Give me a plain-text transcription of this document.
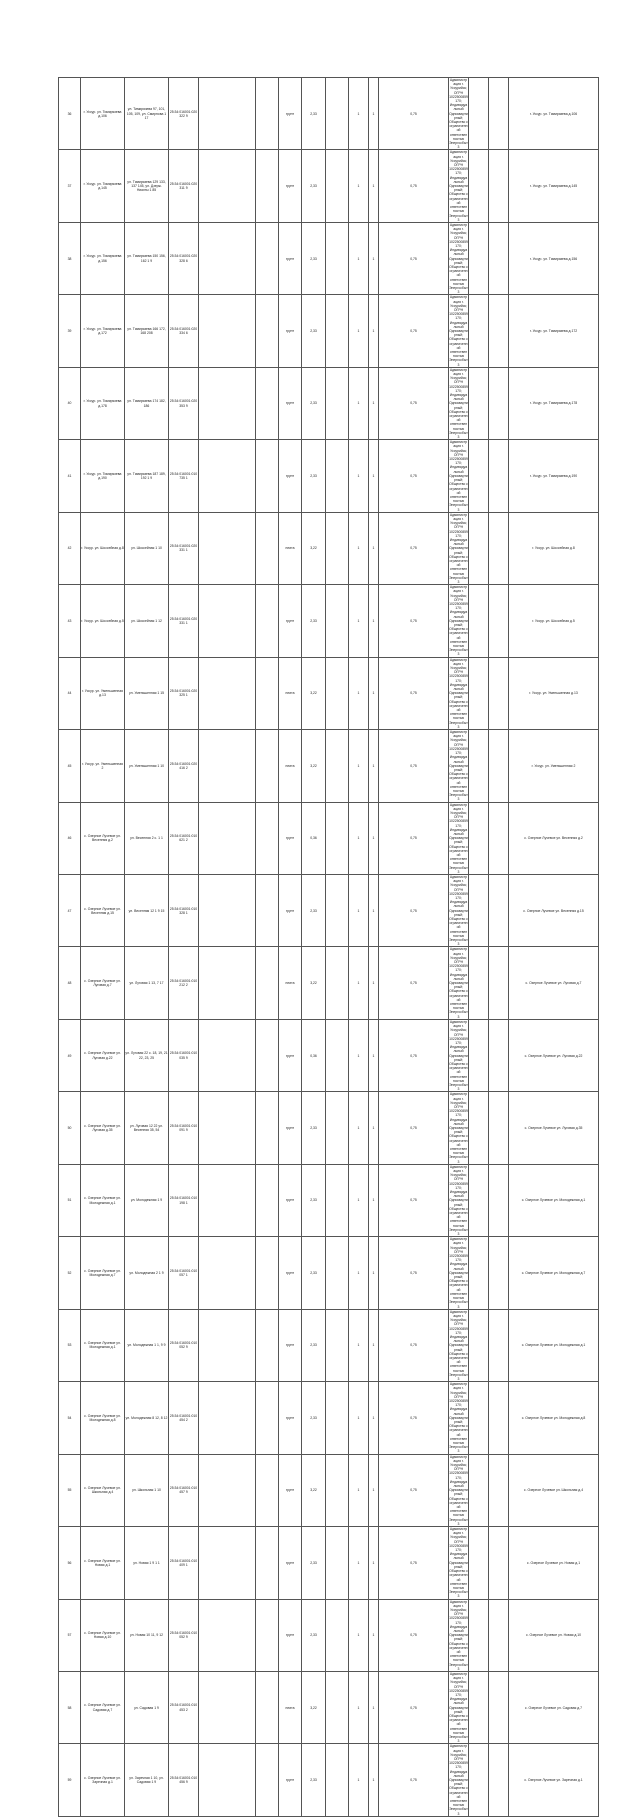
36	г. Уссур. ул. Тимирязева д.106	ул. Тимирязева 97, 101, 105, 109, ул. Смирнова 1 17	25:34:016001:020322 9			грунт	2,33		1	1	0,75	Администрация г. Уссурийск; ОГРН 1022500859170; Индивидуальный Одноквартирный; Общество с ограниченной ответственностью Энергосбыт 3			г. Уссур. ул. Тимирязева д.106
37	г. Уссур. ул. Тимирязева д.145	ул. Тимирязева 129 133, 137 145, ул. Дзерж. Никиты 1 85	25:34:016001:020311 9			грунт	2,33		1	1	0,75	Администрация г. Уссурийск; ОГРН 1022500859170; Индивидуальный Одноквартирный; Общество с ограниченной ответственностью Энергосбыт 3			г. Уссур. ул. Тимирязева д.145
38	г. Уссур. ул. Тимирязева д.156	ул. Тимирязева 150 156, 162 1 9	25:34:016001:020328 6			грунт	2,33		1	1	0,75	Администрация г. Уссурийск; ОГРН 1022500859170; Индивидуальный Одноквартирный; Общество с ограниченной ответственностью Энергосбыт 3			г. Уссур. ул. Тимирязева д.156
39	г. Уссур. ул. Тимирязева д.172	ул. Тимирязева 166 172, 168 208	25:34:016001:020334 6			грунт	2,33		1	1	0,75	Администрация г. Уссурийск; ОГРН 1022500859170; Индивидуальный Одноквартирный; Общество с ограниченной ответственностью Энергосбыт 3			г. Уссур. ул. Тимирязева д.172
40	г. Уссур. ул. Тимирязева д.178	ул. Тимирязева 174 182, 186	25:34:016001:020353 9			грунт	2,33		1	1	0,75	Администрация г. Уссурийск; ОГРН 1022500859170; Индивидуальный Одноквартирный; Общество с ограниченной ответственностью Энергосбыт 3			г. Уссур. ул. Тимирязева д.178
41	г. Уссур. ул. Тимирязева д.190	ул. Тимирязева 187 189, 192 1 9	25:34:016001:010735 1			грунт	2,33		1	1	0,75	Администрация г. Уссурийск; ОГРН 1022500859170; Индивидуальный Одноквартирный; Общество с ограниченной ответственностью Энергосбыт 3			г. Уссур. ул. Тимирязева д.190
42	г. Уссур. ул. Шоссейная д.8	ул. Шоссейная 1 10	25:34:016001:020331 1			плита	3,22		1	1	0,75	Администрация г. Уссурийск; ОГРН 1022500859170; Индивидуальный Одноквартирный; Общество с ограниченной ответственностью Энергосбыт 3			г. Уссур. ул. Шоссейная д.8
43	г. Уссур. ул. Шоссейная д.5	ул. Шоссейная 1 12	25:34:016001:020331 1			грунт	2,33		1	1	0,75	Администрация г. Уссурийск; ОГРН 1022500859170; Индивидуальный Одноквартирный; Общество с ограниченной ответственностью Энергосбыт 3			г. Уссур. ул. Шоссейная д.5
44	г. Уссур. ул. Уменьшенная д.13	ул. Уменьшенная 1 15	25:34:016001:020325 1			плита	3,22		1	1	0,75	Администрация г. Уссурийск; ОГРН 1022500859170; Индивидуальный Одноквартирный; Общество с ограниченной ответственностью Энергосбыт 3			г. Уссур. ул. Уменьшенная д.13
45	г. Уссур. ул. Уменьшенная 2	ул. Уменьшенная 1 10	25:34:016001:020416 2			плита	3,22		1	1	0,75	Администрация г. Уссурийск; ОГРН 1022500859170; Индивидуальный Одноквартирный; Общество с ограниченной ответственностью Энергосбыт 3			г. Уссур. ул. Уменьшенная 2
46	с. Озерное Лучевое ул. Весенняя д.2	ул. Весенняя 2 с. 1 1	25:34:016001:010621 2			грунт	0,36		1	1	0,75	Администрация г. Уссурийск; ОГРН 1022500859170; Индивидуальный Одноквартирный; Общество с ограниченной ответственностью Энергосбыт 3			с. Озерное Лучевое ул. Весенняя д.2
47	с. Озерное Лучевое ул. Весенняя д.15	ул. Весенняя 12 1 9 15	25:34:016001:010328 1			грунт	2,33		1	1	0,75	Администрация г. Уссурийск; ОГРН 1022500859170; Индивидуальный Одноквартирный; Общество с ограниченной ответственностью Энергосбыт 3			с. Озерное Лучевое ул. Весенняя д.15
48	с. Озерное Лучевое ул. Луговая д.7	ул. Луговая 1 13, 7 17	25:34:016001:010212 2			плита	3,22		1	1	0,75	Администрация г. Уссурийск; ОГРН 1022500859170; Индивидуальный Одноквартирный; Общество с ограниченной ответственностью Энергосбыт 3			с. Озерное Лучевое ул. Луговая д.7
49	с. Озерное Лучевое ул. Луговая д.22	ул. Луговая 22 с. 18, 19, 21 22, 23, 25	25:34:016001:010035 9			грунт	0,36		1	1	0,75	Администрация г. Уссурийск; ОГРН 1022500859170; Индивидуальный Одноквартирный; Общество с ограниченной ответственностью Энергосбыт 3			с. Озерное Лучевое ул. Луговая д.22
50	с. Озерное Лучевое ул. Луговая д.35	ул. Луговая 12 22 ул. Весенняя 35, 54	25:34:016001:010091 9			грунт	2,33		1	1	0,75	Администрация г. Уссурийск; ОГРН 1022500859170; Индивидуальный Одноквартирный; Общество с ограниченной ответственностью Энергосбыт 3			с. Озерное Лучевое ул. Луговая д.35
51	с. Озерное Лучевое ул. Молодежная д.1	ул. Молодежная 1 9	25:34:016001:010198 1			грунт	2,33		1	1	0,75	Администрация г. Уссурийск; ОГРН 1022500859170; Индивидуальный Одноквартирный; Общество с ограниченной ответственностью Энергосбыт 3			с. Озерное Лучевое ул. Молодежная д.1
52	с. Озерное Лучевое ул. Молодежная д.7	ул. Молодежная 2 1 9	25:34:016001:010057 1			грунт	2,33		1	1	0,75	Администрация г. Уссурийск; ОГРН 1022500859170; Индивидуальный Одноквартирный; Общество с ограниченной ответственностью Энергосбыт 3			с. Озерное Лучевое ул. Молодежная д.7
53	с. Озерное Лучевое ул. Молодежная д.1	ул. Молодежная 1 1, 9 9	25:34:016001:010052 9			грунт	2,33		1	1	0,75	Администрация г. Уссурийск; ОГРН 1022500859170; Индивидуальный Одноквартирный; Общество с ограниченной ответственностью Энергосбыт 3			с. Озерное Лучевое ул. Молодежная д.1
54	с. Озерное Лучевое ул. Молодежная д.8	ул. Молодежная 8 12, 8 12	25:34:016001:010454 2			грунт	2,33		1	1	0,75	Администрация г. Уссурийск; ОГРН 1022500859170; Индивидуальный Одноквартирный; Общество с ограниченной ответственностью Энергосбыт 3			с. Озерное Лучевое ул. Молодежная д.8
55	с. Озерное Лучевое ул. Школьная д.4	ул. Школьная 1 10	25:34:016001:010457 9			грунт	3,22		1	1	0,75	Администрация г. Уссурийск; ОГРН 1022500859170; Индивидуальный Одноквартирный; Общество с ограниченной ответственностью Энергосбыт 3			с. Озерное Лучевое ул. Школьная д.4
56	с. Озерное Лучевое ул. Новая д.1	ул. Новая 1 9 1 1	25:34:016001:010409 1			грунт	2,33		1	1	0,75	Администрация г. Уссурийск; ОГРН 1022500859170; Индивидуальный Одноквартирный; Общество с ограниченной ответственностью Энергосбыт 3			с. Озерное Лучевое ул. Новая д.1
57	с. Озерное Лучевое ул. Новая д.10	ул. Новая 10 11, 9 12	25:34:016001:010052 9			грунт	2,33		1	1	0,75	Администрация г. Уссурийск; ОГРН 1022500859170; Индивидуальный Одноквартирный; Общество с ограниченной ответственностью Энергосбыт 3			с. Озерное Лучевое ул. Новая д.10
58	с. Озерное Лучевое ул. Садовая д.7	ул. Садовая 1 9	25:34:016001:010453 2			плита	3,22		1	1	0,75	Администрация г. Уссурийск; ОГРН 1022500859170; Индивидуальный Одноквартирный; Общество с ограниченной ответственностью Энергосбыт 3			с. Озерное Лучевое ул. Садовая д.7
59	с. Озерное Лучевое ул. Заречная д.1	ул. Заречная 1 10, ул. Садовая 1 9	25:34:016001:010456 9			грунт	2,33		1	1	0,75	Администрация г. Уссурийск; ОГРН 1022500859170; Индивидуальный Одноквартирный; Общество с ограниченной ответственностью Энергосбыт 3			с. Озерное Лучевое ул. Заречная д.1
